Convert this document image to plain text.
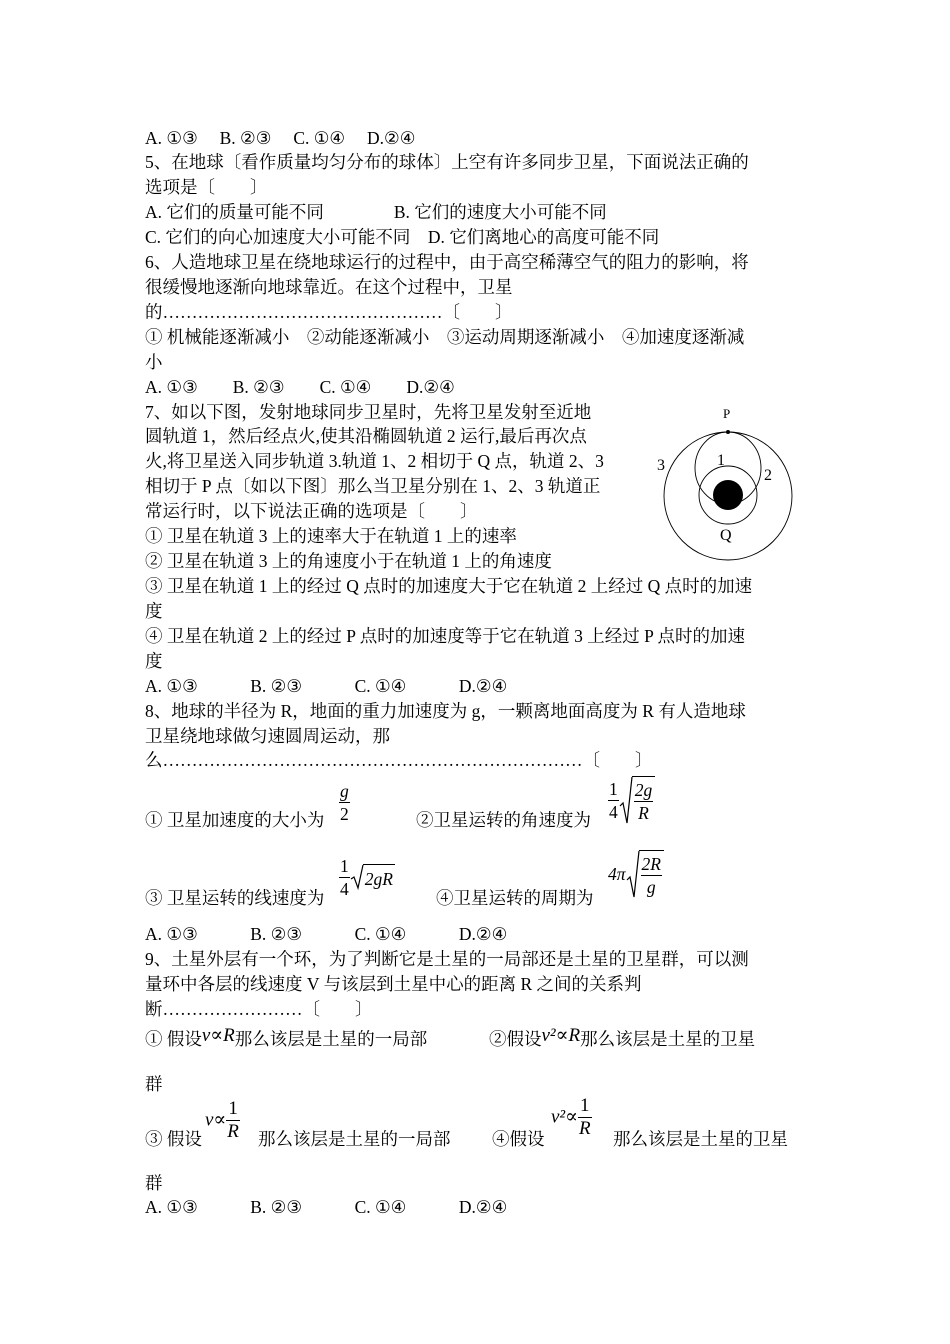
A. ①③　 B. ②③　 C. ①④　 D.②④
5、在地球〔看作质量均匀分布的球体〕上空有许多同步卫星，下面说法正确的
选项是〔　　〕
A. 它们的质量可能不同　　　　B. 它们的速度大小可能不同
C. 它们的向心加速度大小可能不同　D. 它们离地心的高度可能不同
6、人造地球卫星在绕地球运行的过程中，由于高空稀薄空气的阻力的影响，将
很缓慢地逐渐向地球靠近。在这个过程中，卫星
的…………………………………………〔　　〕
① 机械能逐渐减小　②动能逐渐减小　③运动周期逐渐减小　④加速度逐渐减
小
A. ①③　　B. ②③　　C. ①④　　D.②④
7、如以下图，发射地球同步卫星时，先将卫星发射至近地
圆轨道 1，然后经点火,使其沿椭圆轨道 2 运行,最后再次点
火,将卫星送入同步轨道 3.轨道 1、2 相切于 Q 点，轨道 2、3
相切于 P 点〔如以下图〕那么当卫星分别在 1、2、3 轨道正
常运行时，以下说法正确的选项是〔　　〕
① 卫星在轨道 3 上的速率大于在轨道 1 上的速率
② 卫星在轨道 3 上的角速度小于在轨道 1 上的角速度
③ 卫星在轨道 1 上的经过 Q 点时的加速度大于它在轨道 2 上经过 Q 点时的加速
度
④ 卫星在轨道 2 上的经过 P 点时的加速度等于它在轨道 3 上经过 P 点时的加速
度
A. ①③　　　B. ②③　　　C. ①④　　　D.②④
8、地球的半径为 R，地面的重力加速度为 g，一颗离地面高度为 R 有人造地球
卫星绕地球做匀速圆周运动，那
么………………………………………………………………〔　　〕
① 卫星加速度的大小为 $\frac{g}{2}$	②卫星运转的角速度为 $\frac{1}{4} \frac{2g}{R}$
③ 卫星运转的线速度为 $\frac{1}{4} 2gR$
④卫星运转的周期为
$4\pi \frac{2R}{g}$
A. ①③　　　B. ②③　　　C. ①④　　　D.②④
9、土星外层有一个环，为了判断它是土星的一局部还是土星的卫星群，可以测
量环中各层的线速度 V 与该层到土星中心的距离 R 之间的关系判
断……………………〔　　〕
① 假设v∝R那么该层是土星的一局部	②假设v²∝R那么该层是土星的卫星
群
③ 假设
$v\propto \frac{1}{R}$ 那么该层是土星的一局部 ④假设
$v^2\propto \frac{1}{R}$ 那么该层是土星的卫星
群
A. ①③　　　B. ②③　　　C. ①④　　　D.②④
P
Q
1
2
3
